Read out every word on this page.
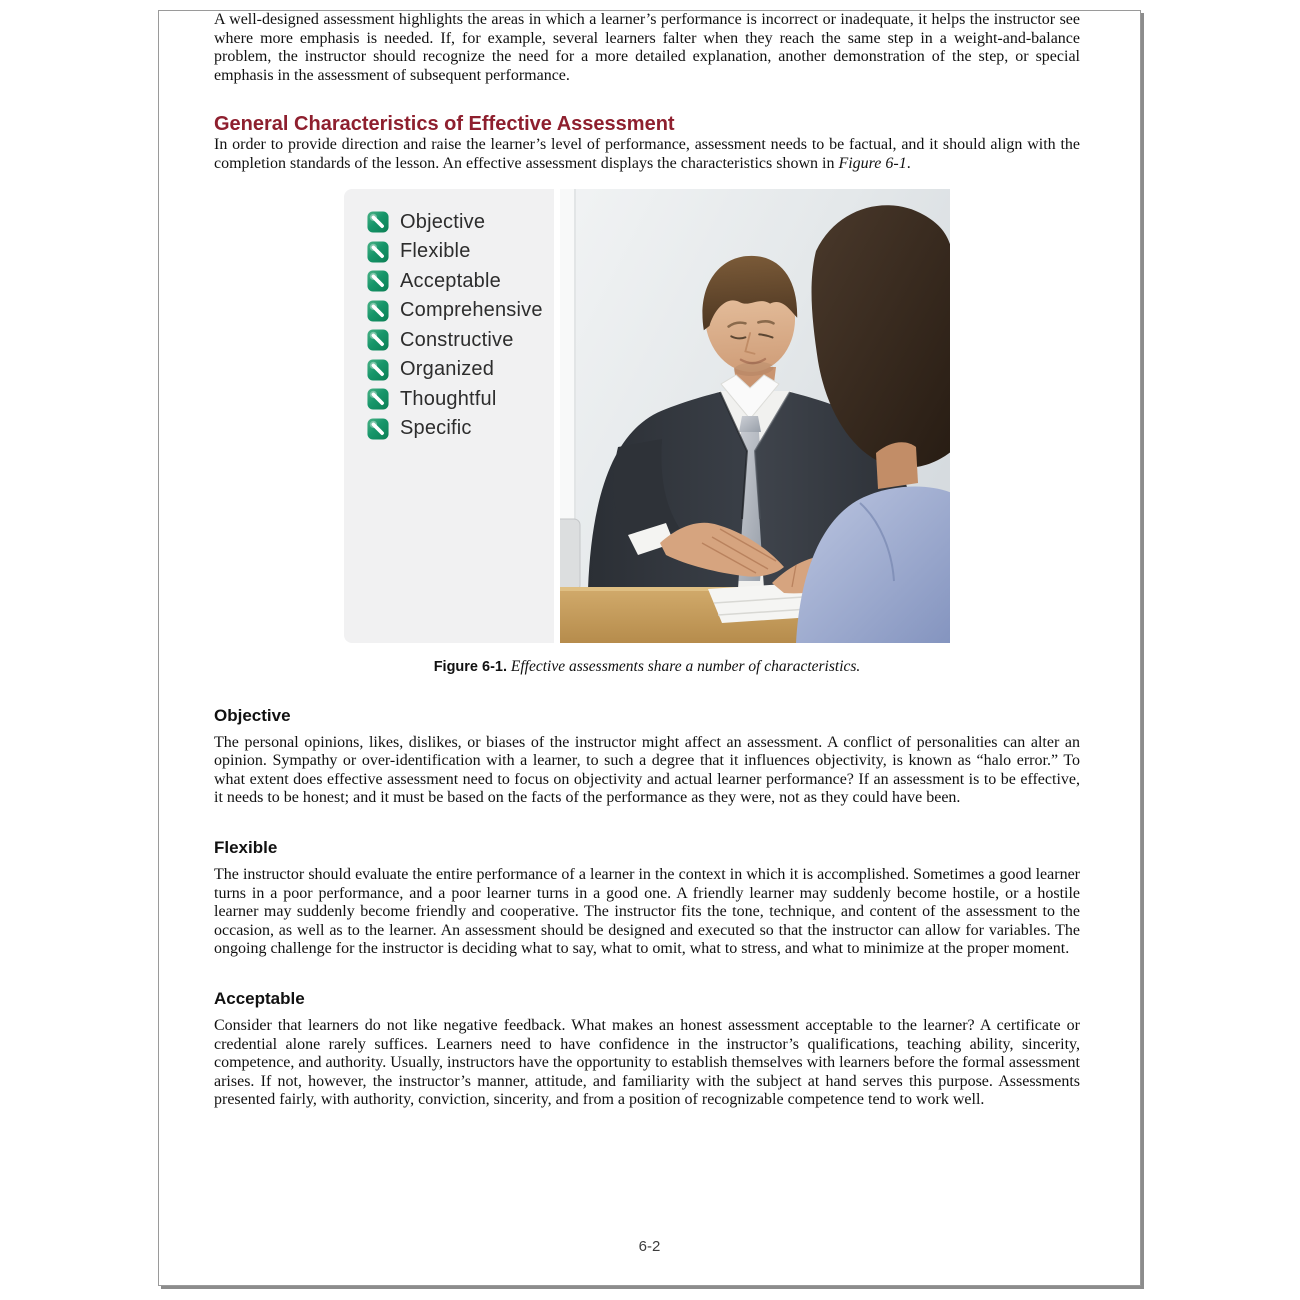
A well-designed assessment highlights the areas in which a learner’s performance is incorrect or inadequate, it helps the instructor see where more emphasis is needed. If, for example, several learners falter when they reach the same step in a weight-and-balance problem, the instructor should recognize the need for a more detailed explanation, another demonstration of the step, or special emphasis in the assessment of subsequent performance.

General Characteristics of Effective Assessment

In order to provide direction and raise the learner’s level of performance, assessment needs to be factual, and it should align with the completion standards of the lesson. An effective assessment displays the characteristics shown in Figure 6-1.

Objective
Flexible
Acceptable
Comprehensive
Constructive
Organized
Thoughtful
Specific
Figure 6-1. Effective assessments share a number of characteristics.
Objective

The personal opinions, likes, dislikes, or biases of the instructor might affect an assessment. A conflict of personalities can alter an opinion. Sympathy or over-identification with a learner, to such a degree that it influences objectivity, is known as “halo error.” To what extent does effective assessment need to focus on objectivity and actual learner performance? If an assessment is to be effective, it needs to be honest; and it must be based on the facts of the performance as they were, not as they could have been.

Flexible

The instructor should evaluate the entire performance of a learner in the context in which it is accomplished. Sometimes a good learner turns in a poor performance, and a poor learner turns in a good one. A friendly learner may suddenly become hostile, or a hostile learner may suddenly become friendly and cooperative. The instructor fits the tone, technique, and content of the assessment to the occasion, as well as to the learner. An assessment should be designed and executed so that the instructor can allow for variables. The ongoing challenge for the instructor is deciding what to say, what to omit, what to stress, and what to minimize at the proper moment.

Acceptable

Consider that learners do not like negative feedback. What makes an honest assessment acceptable to the learner? A certificate or credential alone rarely suffices. Learners need to have confidence in the instructor’s qualifications, teaching ability, sincerity, competence, and authority. Usually, instructors have the opportunity to establish themselves with learners before the formal assessment arises. If not, however, the instructor’s manner, attitude, and familiarity with the subject at hand serves this purpose. Assessments presented fairly, with authority, conviction, sincerity, and from a position of recognizable competence tend to work well.

6-2
